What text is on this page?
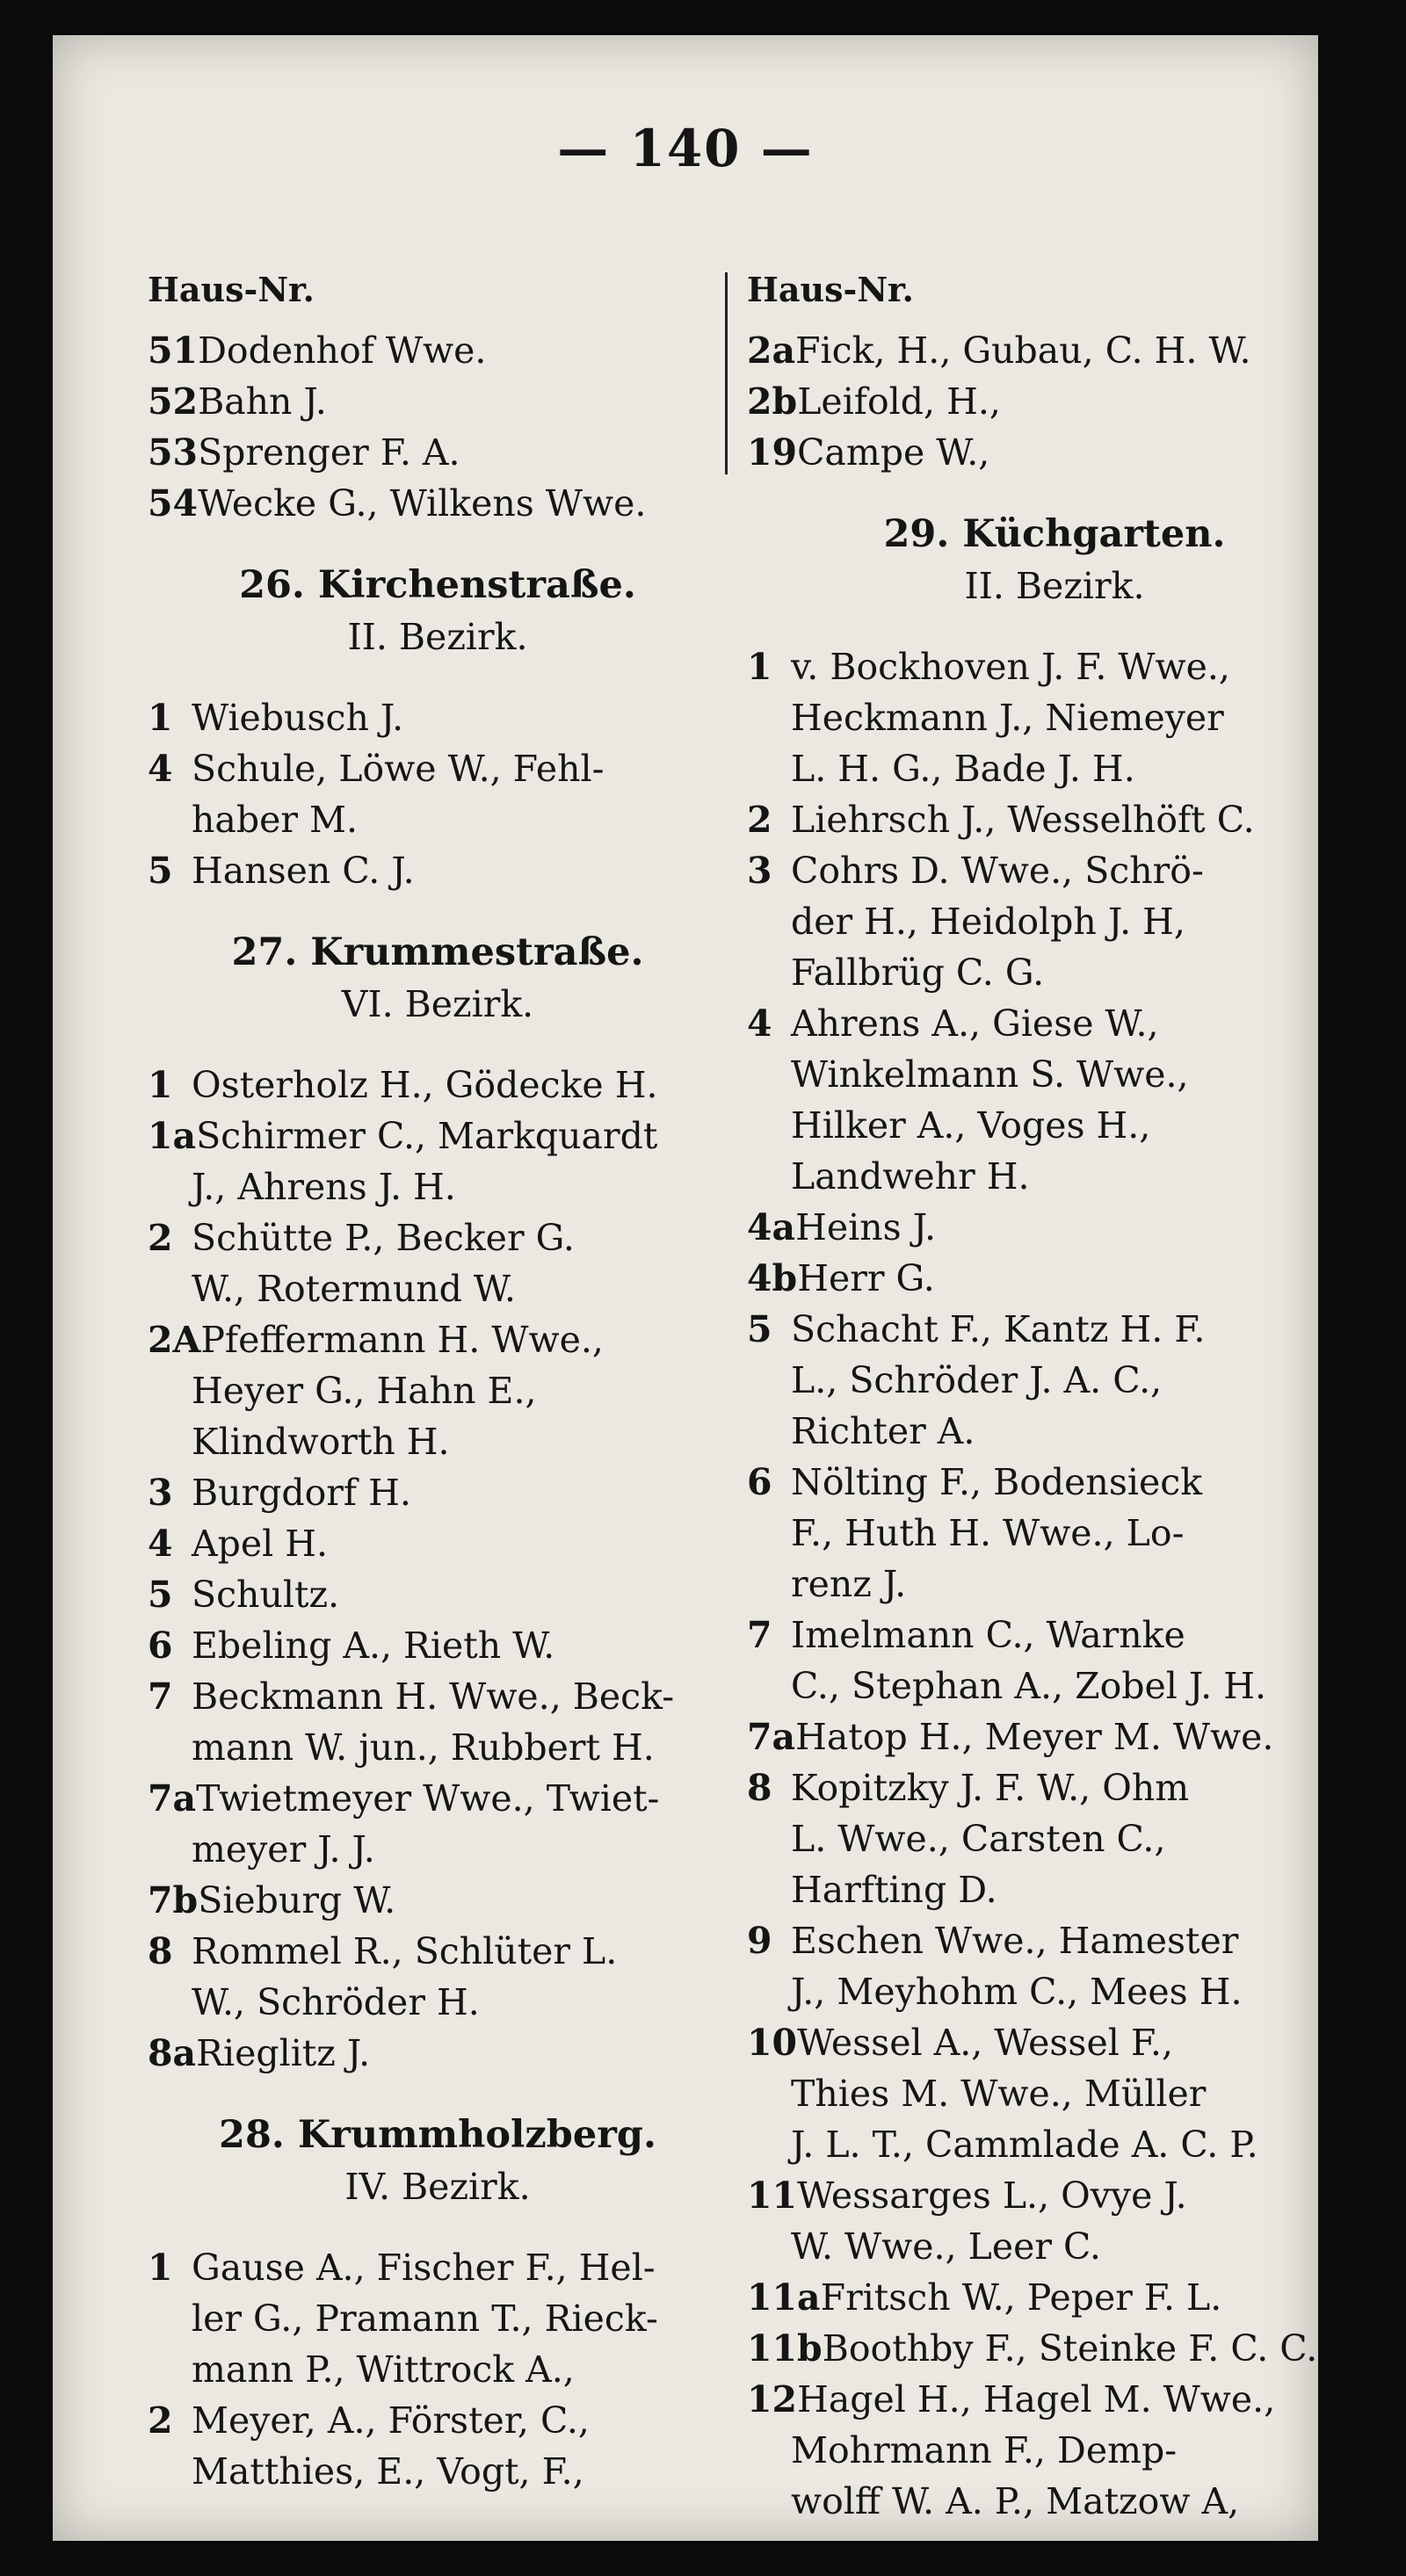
— 140 —
Haus-Nr.
51 Dodenhof Wwe.
52 Bahn J.
53 Sprenger F. A.
54 Wecke G., Wilkens Wwe.
26. Kirchenstraße.
II. Bezirk.
1 Wiebusch J.
4 Schule, Löwe W., Fehl-
haber M.
5 Hansen C. J.
27. Krummestraße.
VI. Bezirk.
1 Osterholz H., Gödecke H.
1a Schirmer C., Markquardt
J., Ahrens J. H.
2 Schütte P., Becker G.
W., Rotermund W.
2A Pfeffermann H. Wwe.,
Heyer G., Hahn E.,
Klindworth H.
3 Burgdorf H.
4 Apel H.
5 Schultz.
6 Ebeling A., Rieth W.
7 Beckmann H. Wwe., Beck-
mann W. jun., Rubbert H.
7a Twietmeyer Wwe., Twiet-
meyer J. J.
7b Sieburg W.
8 Rommel R., Schlüter L.
W., Schröder H.
8a Rieglitz J.
28. Krummholzberg.
IV. Bezirk.
1 Gause A., Fischer F., Hel-
ler G., Pramann T., Rieck-
mann P., Wittrock A.,
2 Meyer, A., Förster, C.,
Matthies, E., Vogt, F.,
Haus-Nr.
2a Fick, H., Gubau, C. H. W.
2b Leifold, H.,
19 Campe W.,
29. Küchgarten.
II. Bezirk.
1 v. Bockhoven J. F. Wwe.,
Heckmann J., Niemeyer
L. H. G., Bade J. H.
2 Liehrsch J., Wesselhöft C.
3 Cohrs D. Wwe., Schrö-
der H., Heidolph J. H,
Fallbrüg C. G.
4 Ahrens A., Giese W.,
Winkelmann S. Wwe.,
Hilker A., Voges H.,
Landwehr H.
4a Heins J.
4b Herr G.
5 Schacht F., Kantz H. F.
L., Schröder J. A. C.,
Richter A.
6 Nölting F., Bodensieck
F., Huth H. Wwe., Lo-
renz J.
7 Imelmann C., Warnke
C., Stephan A., Zobel J. H.
7a Hatop H., Meyer M. Wwe.
8 Kopitzky J. F. W., Ohm
L. Wwe., Carsten C.,
Harfting D.
9 Eschen Wwe., Hamester
J., Meyhohm C., Mees H.
10 Wessel A., Wessel F.,
Thies M. Wwe., Müller
J. L. T., Cammlade A. C. P.
11 Wessarges L., Ovye J.
W. Wwe., Leer C.
11a Fritsch W., Peper F. L.
11b Boothby F., Steinke F. C. C.
12 Hagel H., Hagel M. Wwe.,
Mohrmann F., Demp-
wolff W. A. P., Matzow A,
